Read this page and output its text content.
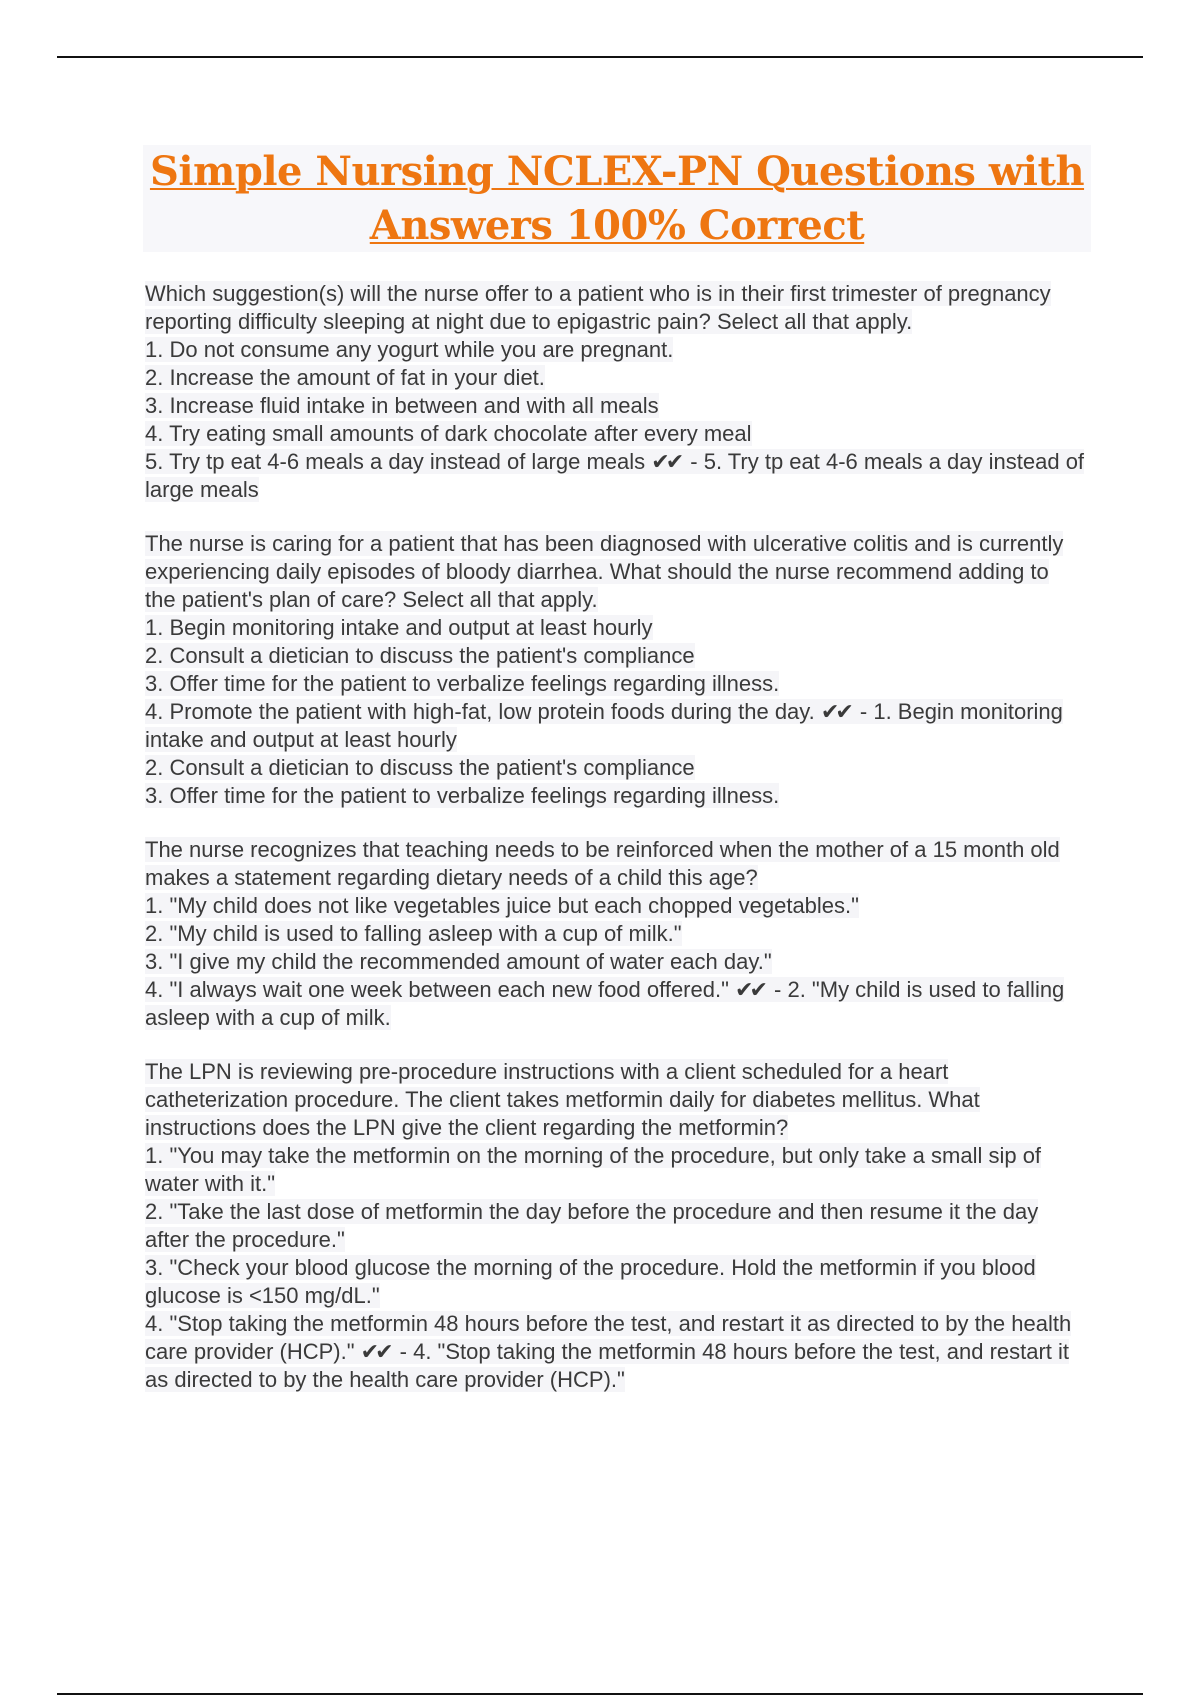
Simple Nursing NCLEX-PN Questions with
Answers 100% Correct
Which suggestion(s) will the nurse offer to a patient who is in their first trimester of pregnancy reporting difficulty sleeping at night due to epigastric pain? Select all that apply.
1. Do not consume any yogurt while you are pregnant.
2. Increase the amount of fat in your diet.
3. Increase fluid intake in between and with all meals
4. Try eating small amounts of dark chocolate after every meal
5. Try tp eat 4-6 meals a day instead of large meals ✔✔ - 5. Try tp eat 4-6 meals a day instead of large meals
The nurse is caring for a patient that has been diagnosed with ulcerative colitis and is currently experiencing daily episodes of bloody diarrhea. What should the nurse recommend adding to the patient's plan of care? Select all that apply.
1. Begin monitoring intake and output at least hourly
2. Consult a dietician to discuss the patient's compliance
3. Offer time for the patient to verbalize feelings regarding illness.
4. Promote the patient with high-fat, low protein foods during the day. ✔✔ - 1. Begin monitoring intake and output at least hourly
2. Consult a dietician to discuss the patient's compliance
3. Offer time for the patient to verbalize feelings regarding illness.
The nurse recognizes that teaching needs to be reinforced when the mother of a 15 month old makes a statement regarding dietary needs of a child this age?
1. "My child does not like vegetables juice but each chopped vegetables."
2. "My child is used to falling asleep with a cup of milk."
3. "I give my child the recommended amount of water each day."
4. "I always wait one week between each new food offered." ✔✔ - 2. "My child is used to falling asleep with a cup of milk.
The LPN is reviewing pre-procedure instructions with a client scheduled for a heart catheterization procedure. The client takes metformin daily for diabetes mellitus. What instructions does the LPN give the client regarding the metformin?
1. "You may take the metformin on the morning of the procedure, but only take a small sip of water with it."
2. "Take the last dose of metformin the day before the procedure and then resume it the day after the procedure."
3. "Check your blood glucose the morning of the procedure. Hold the metformin if you blood glucose is <150 mg/dL."
4. "Stop taking the metformin 48 hours before the test, and restart it as directed to by the health care provider (HCP)." ✔✔ - 4. "Stop taking the metformin 48 hours before the test, and restart it as directed to by the health care provider (HCP)."
